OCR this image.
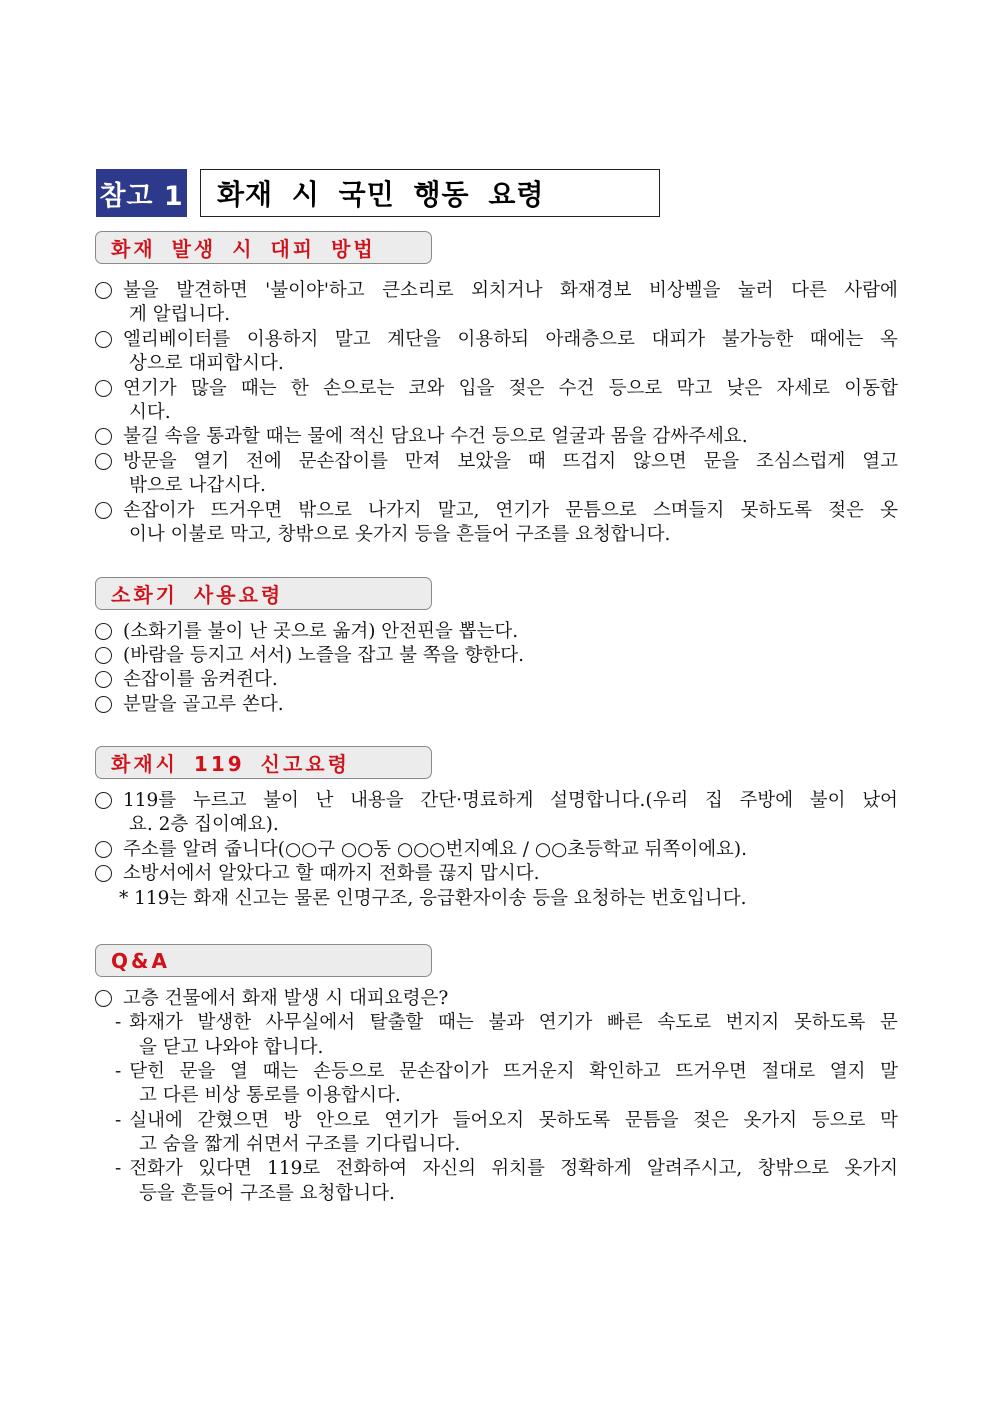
참고 1	화재 시 국민 행동 요령
화재 발생 시 대피 방법
불을 발견하면 '불이야'하고 큰소리로 외치거나 화재경보 비상벨을 눌러 다른 사람에
게 알립니다.
엘리베이터를 이용하지 말고 계단을 이용하되 아래층으로 대피가 불가능한 때에는 옥
상으로 대피합시다.
연기가 많을 때는 한 손으로는 코와 입을 젖은 수건 등으로 막고 낮은 자세로 이동합
시다.
불길 속을 통과할 때는 물에 적신 담요나 수건 등으로 얼굴과 몸을 감싸주세요.
방문을 열기 전에 문손잡이를 만져 보았을 때 뜨겁지 않으면 문을 조심스럽게 열고
밖으로 나갑시다.
손잡이가 뜨거우면 밖으로 나가지 말고, 연기가 문틈으로 스며들지 못하도록 젖은 옷
이나 이불로 막고, 창밖으로 옷가지 등을 흔들어 구조를 요청합니다.
소화기 사용요령
(소화기를 불이 난 곳으로 옮겨) 안전핀을 뽑는다.
(바람을 등지고 서서) 노즐을 잡고 불 쪽을 향한다.
손잡이를 움켜쥔다.
분말을 골고루 쏜다.
화재시 119 신고요령
119를 누르고 불이 난 내용을 간단·명료하게 설명합니다.(우리 집 주방에 불이 났어
요. 2층 집이예요).
주소를 알려 줍니다(○○구 ○○동 ○○○번지예요 / ○○초등학교 뒤쪽이에요).
소방서에서 알았다고 할 때까지 전화를 끊지 맙시다.
* 119는 화재 신고는 물론 인명구조, 응급환자이송 등을 요청하는 번호입니다.
Q&A
고층 건물에서 화재 발생 시 대피요령은?
- 화재가 발생한 사무실에서 탈출할 때는 불과 연기가 빠른 속도로 번지지 못하도록 문
을 닫고 나와야 합니다.
- 닫힌 문을 열 때는 손등으로 문손잡이가 뜨거운지 확인하고 뜨거우면 절대로 열지 말
고 다른 비상 통로를 이용합시다.
- 실내에 갇혔으면 방 안으로 연기가 들어오지 못하도록 문틈을 젖은 옷가지 등으로 막
고 숨을 짧게 쉬면서 구조를 기다립니다.
- 전화가 있다면 119로 전화하여 자신의 위치를 정확하게 알려주시고, 창밖으로 옷가지
등을 흔들어 구조를 요청합니다.
